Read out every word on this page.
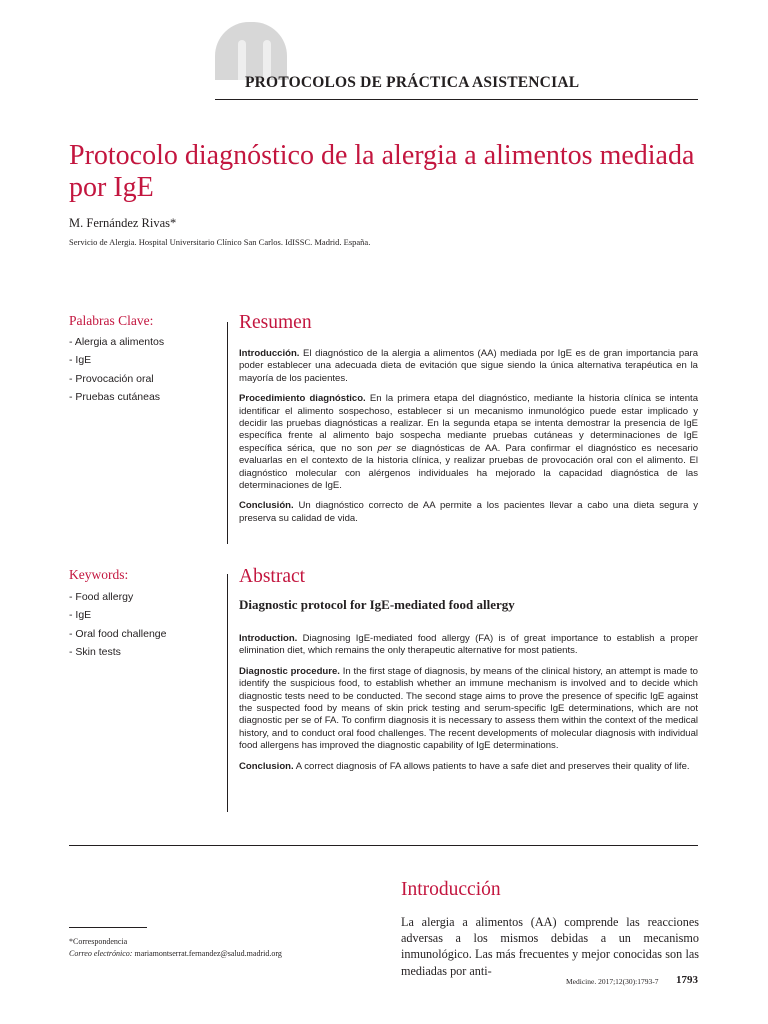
PROTOCOLOS DE PRÁCTICA ASISTENCIAL
Protocolo diagnóstico de la alergia a alimentos mediada por IgE
M. Fernández Rivas*
Servicio de Alergia. Hospital Universitario Clínico San Carlos. IdISSC. Madrid. España.
Palabras Clave:
- Alergia a alimentos
- IgE
- Provocación oral
- Pruebas cutáneas
Resumen

Introducción. El diagnóstico de la alergia a alimentos (AA) mediada por IgE es de gran importancia para poder establecer una adecuada dieta de evitación que sigue siendo la única alternativa terapéutica en la mayoría de los pacientes.

Procedimiento diagnóstico. En la primera etapa del diagnóstico, mediante la historia clínica se intenta identificar el alimento sospechoso, establecer si un mecanismo inmunológico puede estar implicado y decidir las pruebas diagnósticas a realizar. En la segunda etapa se intenta demostrar la presencia de IgE específica frente al alimento bajo sospecha mediante pruebas cutáneas y determinaciones de IgE específica sérica, que no son per se diagnósticas de AA. Para confirmar el diagnóstico es necesario evaluarlas en el contexto de la historia clínica, y realizar pruebas de provocación oral con el alimento. El diagnóstico molecular con alérgenos individuales ha mejorado la capacidad diagnóstica de las determinaciones de IgE.

Conclusión. Un diagnóstico correcto de AA permite a los pacientes llevar a cabo una dieta segura y preserva su calidad de vida.

Keywords:
- Food allergy
- IgE
- Oral food challenge
- Skin tests
Abstract
Diagnostic protocol for IgE-mediated food allergy

Introduction. Diagnosing IgE-mediated food allergy (FA) is of great importance to establish a proper elimination diet, which remains the only therapeutic alternative for most patients.

Diagnostic procedure. In the first stage of diagnosis, by means of the clinical history, an attempt is made to identify the suspicious food, to establish whether an immune mechanism is involved and to decide which diagnostic tests need to be conducted. The second stage aims to prove the presence of specific IgE against the suspected food by means of skin prick testing and serum-specific IgE determinations, which are not diagnostic per se of FA. To confirm diagnosis it is necessary to assess them within the context of the medical history, and to conduct oral food challenges. The recent developments of molecular diagnosis with individual food allergens has improved the diagnostic capability of IgE determinations.

Conclusion. A correct diagnosis of FA allows patients to have a safe diet and preserves their quality of life.

Introducción
La alergia a alimentos (AA) comprende las reacciones adversas a los mismos debidas a un mecanismo inmunológico. Las más frecuentes y mejor conocidas son las mediadas por anti-
*Correspondencia
Correo electrónico: mariamontserrat.fernandez@salud.madrid.org
Medicine. 2017;12(30):1793-7 1793
